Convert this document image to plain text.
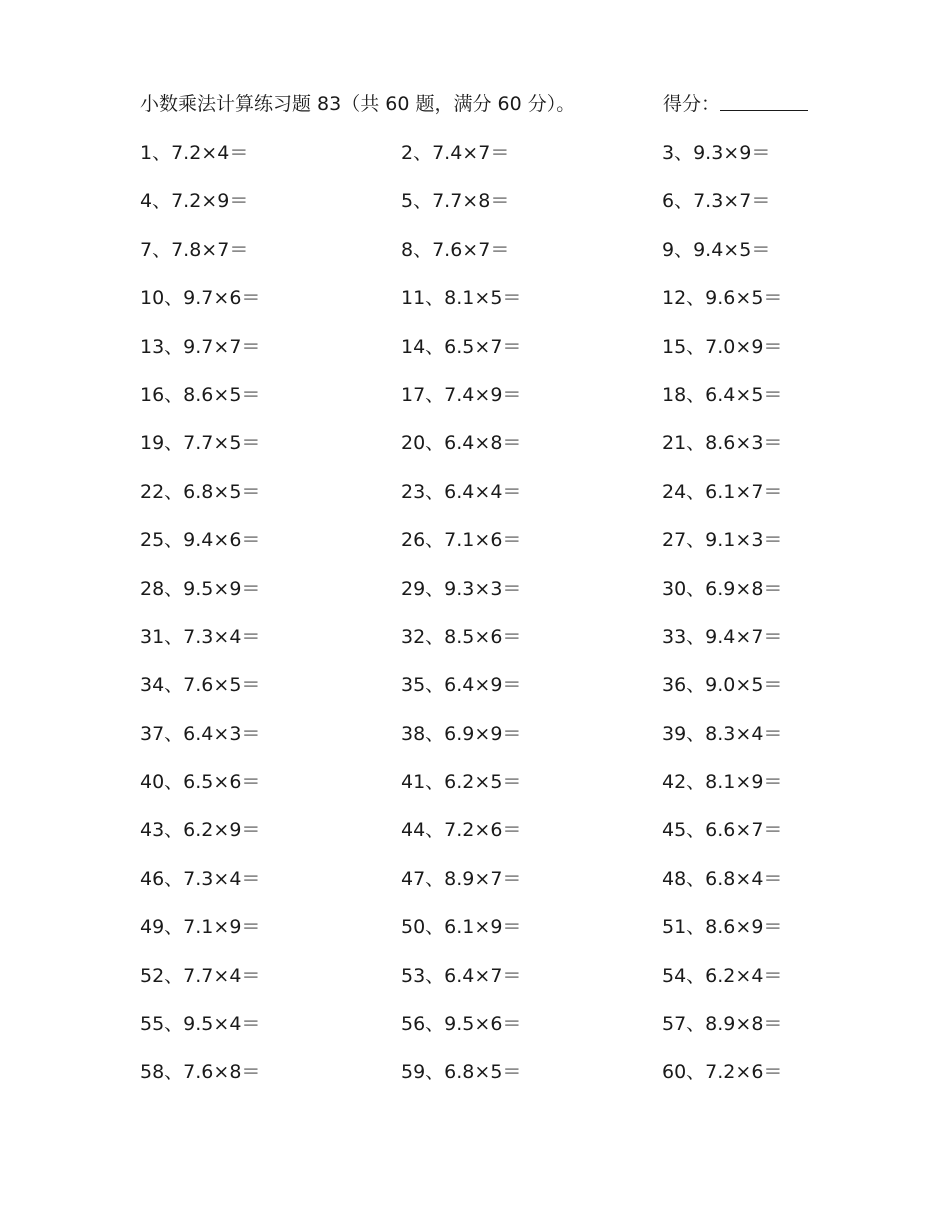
小数乘法计算练习题 83（共 60 题，满分 60 分）。	得分：
1、7.2×4＝	2、7.4×7＝	3、9.3×9＝
4、7.2×9＝	5、7.7×8＝	6、7.3×7＝
7、7.8×7＝	8、7.6×7＝	9、9.4×5＝
10、9.7×6＝	11、8.1×5＝	12、9.6×5＝
13、9.7×7＝	14、6.5×7＝	15、7.0×9＝
16、8.6×5＝	17、7.4×9＝	18、6.4×5＝
19、7.7×5＝	20、6.4×8＝	21、8.6×3＝
22、6.8×5＝	23、6.4×4＝	24、6.1×7＝
25、9.4×6＝	26、7.1×6＝	27、9.1×3＝
28、9.5×9＝	29、9.3×3＝	30、6.9×8＝
31、7.3×4＝	32、8.5×6＝	33、9.4×7＝
34、7.6×5＝	35、6.4×9＝	36、9.0×5＝
37、6.4×3＝	38、6.9×9＝	39、8.3×4＝
40、6.5×6＝	41、6.2×5＝	42、8.1×9＝
43、6.2×9＝	44、7.2×6＝	45、6.6×7＝
46、7.3×4＝	47、8.9×7＝	48、6.8×4＝
49、7.1×9＝	50、6.1×9＝	51、8.6×9＝
52、7.7×4＝	53、6.4×7＝	54、6.2×4＝
55、9.5×4＝	56、9.5×6＝	57、8.9×8＝
58、7.6×8＝	59、6.8×5＝	60、7.2×6＝
